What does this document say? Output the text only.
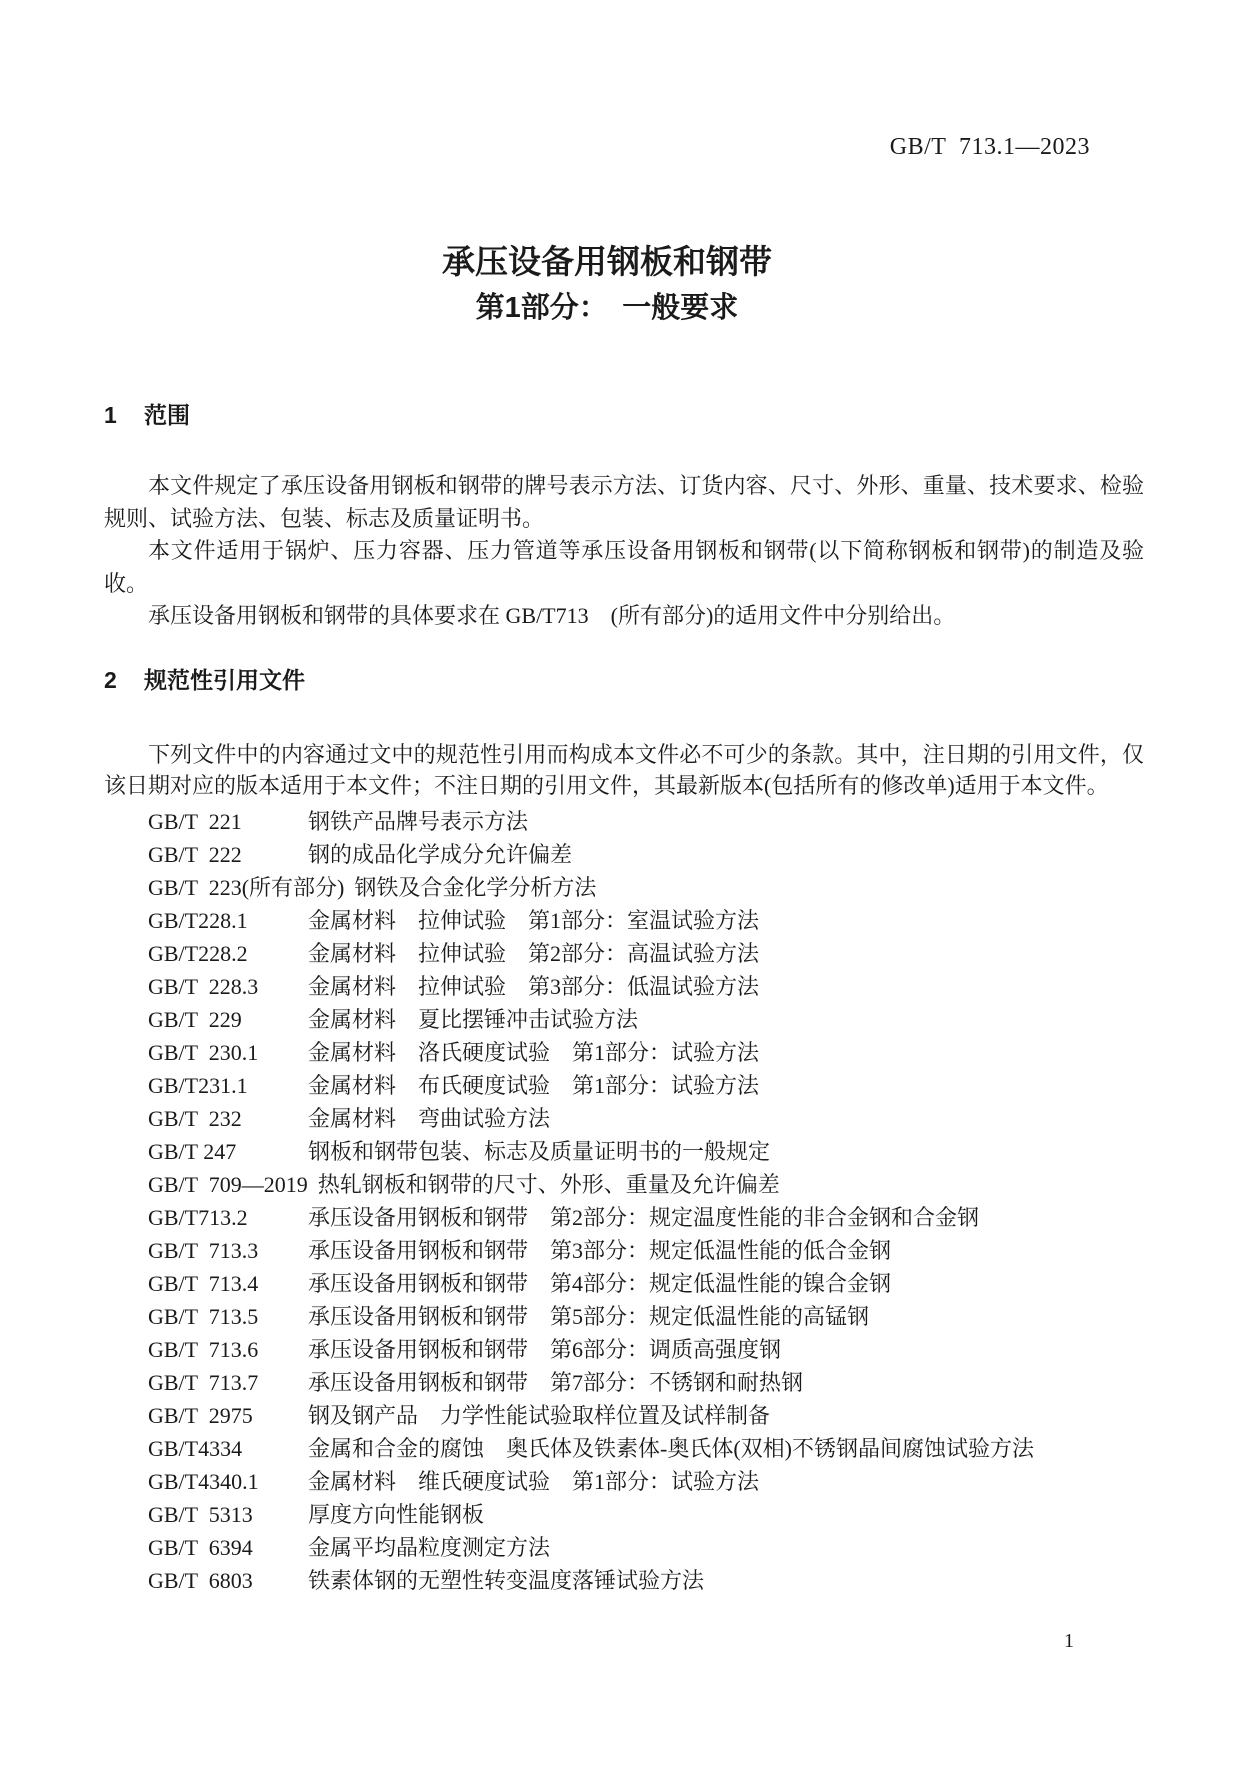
GB/T  713.1—2023
承压设备用钢板和钢带
第1部分：　一般要求
1 范围

本文件规定了承压设备用钢板和钢带的牌号表示方法、订货内容、尺寸、外形、重量、技术要求、检验规则、试验方法、包装、标志及质量证明书。

本文件适用于锅炉、压力容器、压力管道等承压设备用钢板和钢带(以下简称钢板和钢带)的制造及验收。

承压设备用钢板和钢带的具体要求在 GB/T713　(所有部分)的适用文件中分别给出。

2 规范性引用文件

下列文件中的内容通过文中的规范性引用而构成本文件必不可少的条款。其中，注日期的引用文件，仅该日期对应的版本适用于本文件；不注日期的引用文件，其最新版本(包括所有的修改单)适用于本文件。

GB/T  221	钢铁产品牌号表示方法
GB/T  222	钢的成品化学成分允许偏差
GB/T  223(所有部分) 钢铁及合金化学分析方法
GB/T228.1	金属材料　拉伸试验　第1部分：室温试验方法
GB/T228.2	金属材料　拉伸试验　第2部分：高温试验方法
GB/T  228.3 金属材料　拉伸试验　第3部分：低温试验方法
GB/T  229	金属材料　夏比摆锤冲击试验方法
GB/T  230.1 金属材料　洛氏硬度试验　第1部分：试验方法
GB/T231.1	金属材料　布氏硬度试验　第1部分：试验方法
GB/T  232	金属材料　弯曲试验方法
GB/T 247	钢板和钢带包装、标志及质量证明书的一般规定
GB/T  709—2019 热轧钢板和钢带的尺寸、外形、重量及允许偏差
GB/T713.2	承压设备用钢板和钢带　第2部分：规定温度性能的非合金钢和合金钢
GB/T  713.3 承压设备用钢板和钢带　第3部分：规定低温性能的低合金钢
GB/T  713.4 承压设备用钢板和钢带　第4部分：规定低温性能的镍合金钢
GB/T  713.5 承压设备用钢板和钢带　第5部分：规定低温性能的高锰钢
GB/T  713.6 承压设备用钢板和钢带　第6部分：调质高强度钢
GB/T  713.7 承压设备用钢板和钢带　第7部分：不锈钢和耐热钢
GB/T  2975	钢及钢产品　力学性能试验取样位置及试样制备
GB/T4334	金属和合金的腐蚀　奥氏体及铁素体-奥氏体(双相)不锈钢晶间腐蚀试验方法
GB/T4340.1 金属材料　维氏硬度试验　第1部分：试验方法
GB/T  5313	厚度方向性能钢板
GB/T  6394	金属平均晶粒度测定方法
GB/T  6803	铁素体钢的无塑性转变温度落锤试验方法
1
